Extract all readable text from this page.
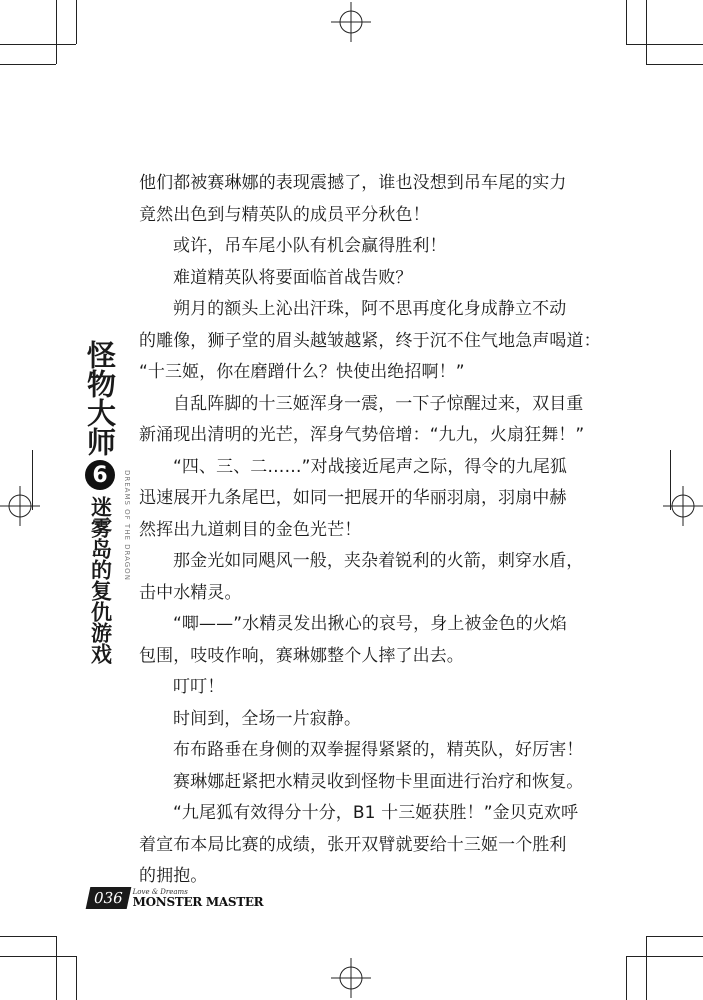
怪物大师
6
迷雾岛的复仇游戏 DREAMS OF THE DRAGON

他们都被赛琳娜的表现震撼了，谁也没想到吊车尾的实力
竟然出色到与精英队的成员平分秋色！

或许，吊车尾小队有机会赢得胜利！

难道精英队将要面临首战告败？

朔月的额头上沁出汗珠，阿不思再度化身成静立不动
的雕像，狮子堂的眉头越皱越紧，终于沉不住气地急声喝道：
“十三姬，你在磨蹭什么？快使出绝招啊！”

自乱阵脚的十三姬浑身一震，一下子惊醒过来，双目重
新涌现出清明的光芒，浑身气势倍增：“九九，火扇狂舞！”

“四、三、二……”对战接近尾声之际，得令的九尾狐
迅速展开九条尾巴，如同一把展开的华丽羽扇，羽扇中赫
然挥出九道刺目的金色光芒！

那金光如同飓风一般，夹杂着锐利的火箭，刺穿水盾，
击中水精灵。

“唧——”水精灵发出揪心的哀号，身上被金色的火焰
包围，吱吱作响，赛琳娜整个人摔了出去。

叮叮！

时间到，全场一片寂静。

布布路垂在身侧的双拳握得紧紧的，精英队，好厉害！

赛琳娜赶紧把水精灵收到怪物卡里面进行治疗和恢复。

“九尾狐有效得分十分，B1 十三姬获胜！”金贝克欢呼
着宣布本局比赛的成绩，张开双臂就要给十三姬一个胜利
的拥抱。

036	Love & Dreams
MONSTER MASTER
